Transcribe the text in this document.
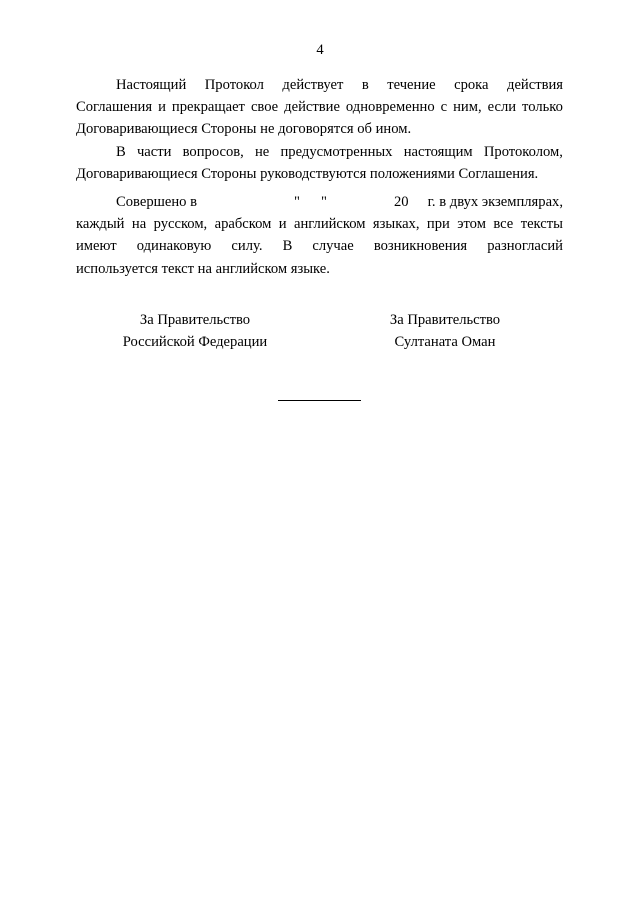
4
Настоящий Протокол действует в течение срока действия
Соглашения и прекращает свое действие одновременно с ним, если только
Договаривающиеся Стороны не договорятся об ином.
В части вопросов, не предусмотренных настоящим Протоколом,
Договаривающиеся Стороны руководствуются положениями Соглашения.
Совершено в	" "	20 г. в двух экземплярах,
каждый на русском, арабском и английском языках, при этом все тексты
имеют одинаковую силу. В случае возникновения разногласий
используется текст на английском языке.
За Правительство
Российской Федерации
За Правительство
Султаната Оман
